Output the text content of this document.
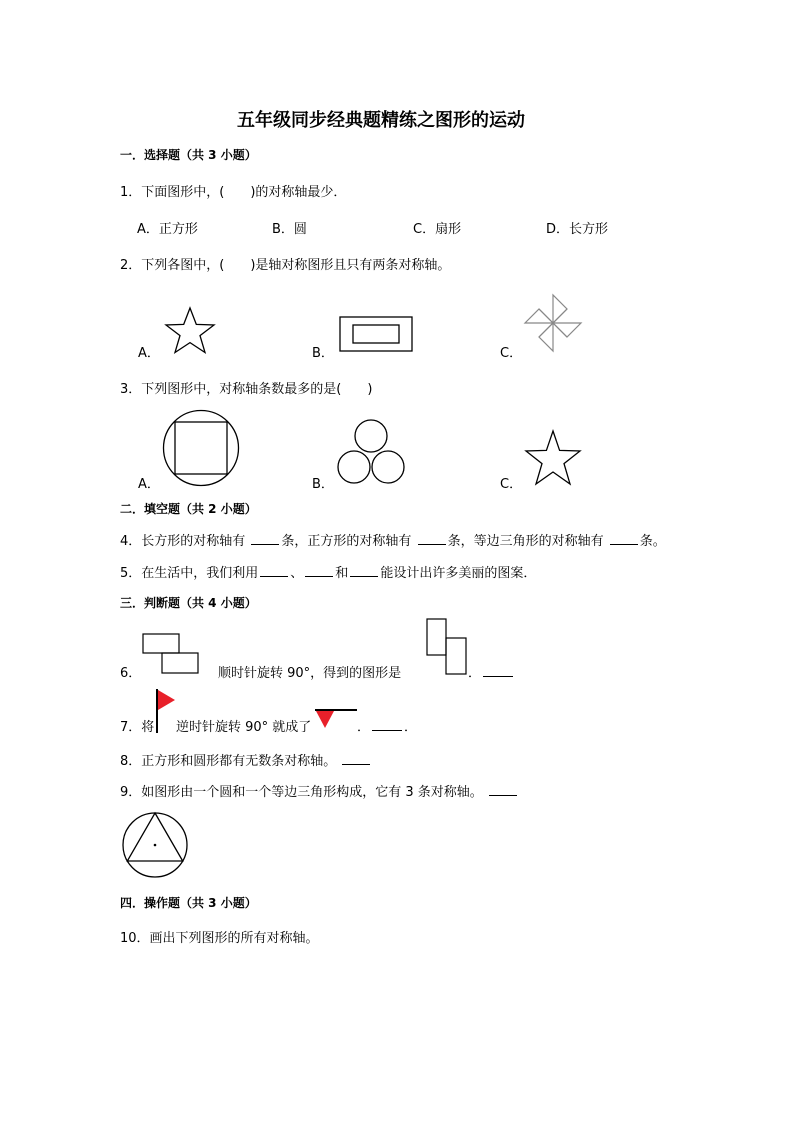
五年级同步经典题精练之图形的运动
一．选择题（共 3 小题）
1．下面图形中，(　　)的对称轴最少．
A．正方形	B．圆	C．扇形	D．长方形
2．下列各图中，(　　)是轴对称图形且只有两条对称轴。
A．	B．	C．
3．下列图形中，对称轴条数最多的是(　　)
A．	B．	C．
二．填空题（共 2 小题）
4．长方形的对称轴有	条，正方形的对称轴有	条，等边三角形的对称轴有	条。
5．在生活中，我们利用 、 和 能设计出许多美丽的图案．
三．判断题（共 4 小题）
6．	顺时针旋转 90°，得到的图形是	．
7．将 逆时针旋转 90° 就成了	．	．
8．正方形和圆形都有无数条对称轴。
9．如图形由一个圆和一个等边三角形构成，它有 3 条对称轴。
四．操作题（共 3 小题）
10．画出下列图形的所有对称轴。
